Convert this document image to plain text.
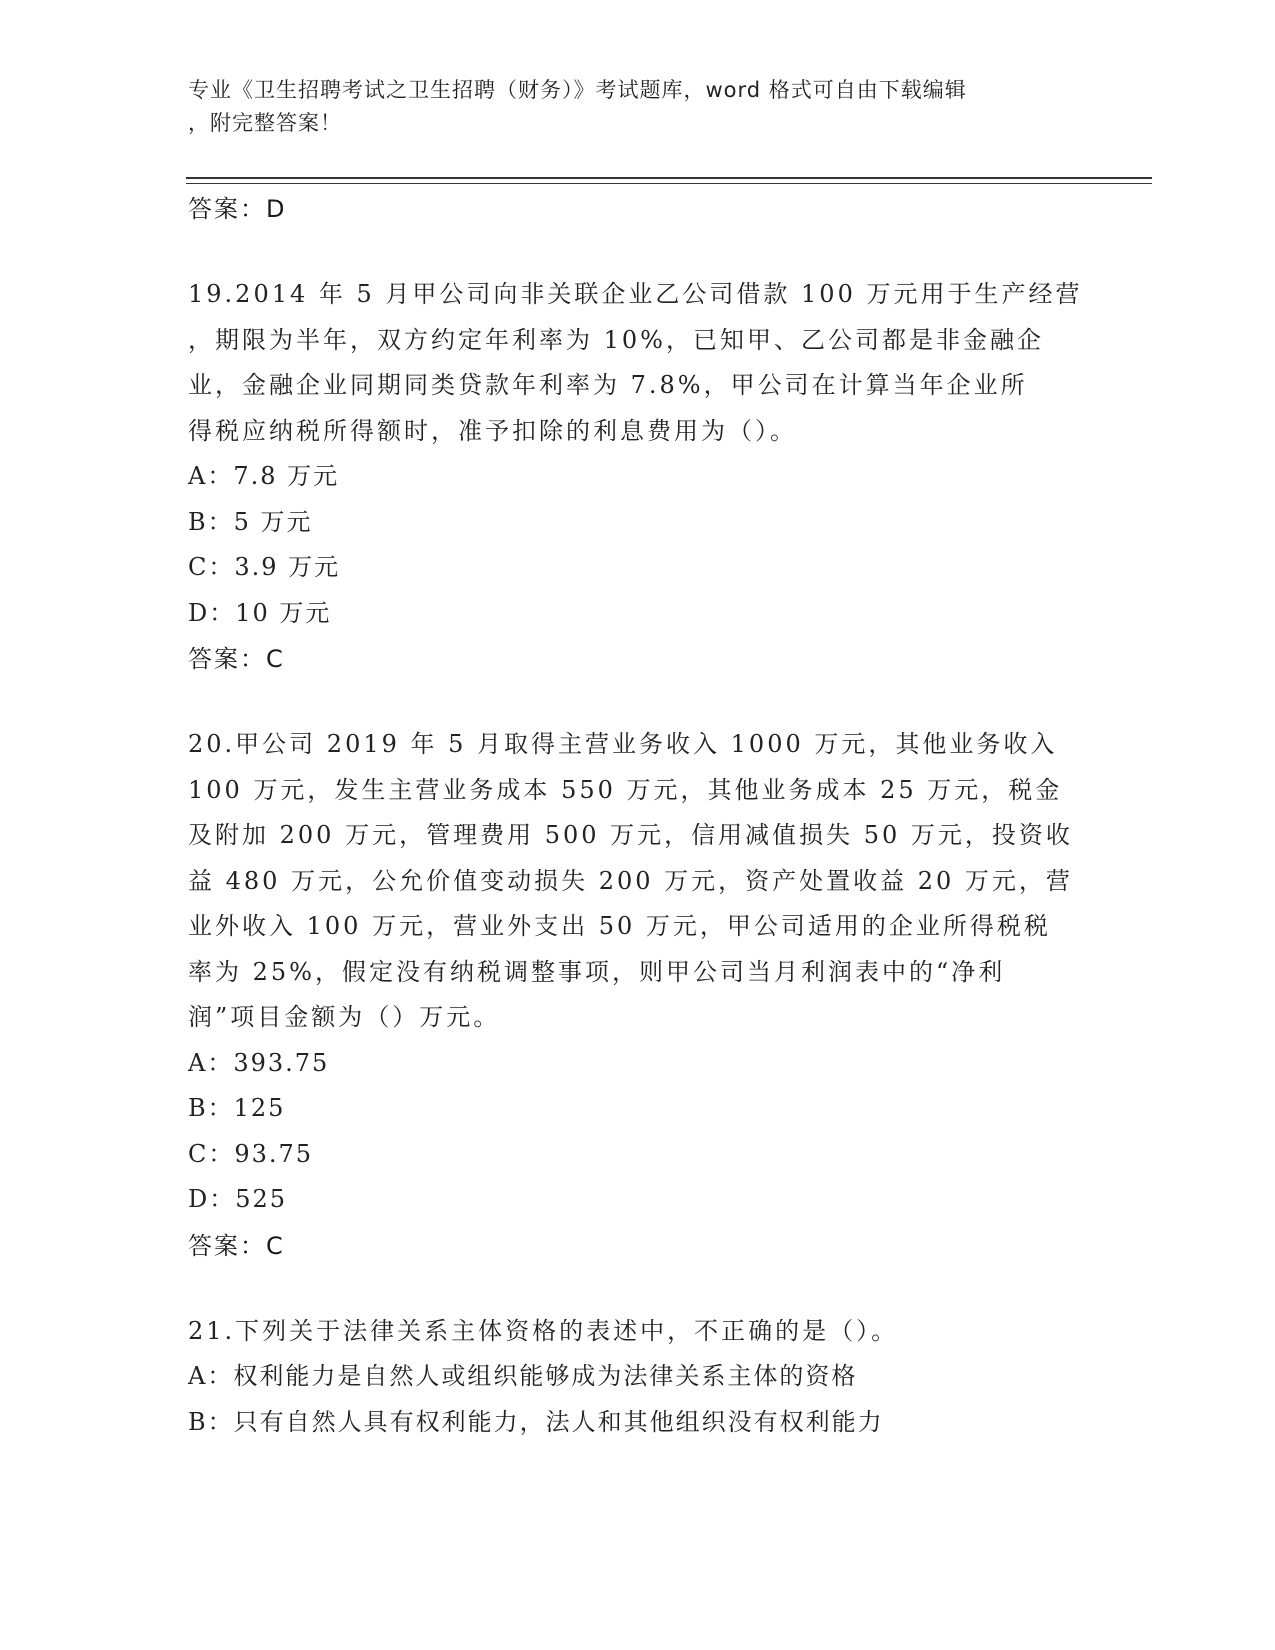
专业《卫生招聘考试之卫生招聘（财务）》考试题库，word 格式可自由下载编辑
，附完整答案！
答案：D
19.2014 年 5 月甲公司向非关联企业乙公司借款 100 万元用于生产经营
，期限为半年，双方约定年利率为 10%，已知甲、乙公司都是非金融企
业，金融企业同期同类贷款年利率为 7.8%，甲公司在计算当年企业所
得税应纳税所得额时，准予扣除的利息费用为（）。
A：7.8 万元
B：5 万元
C：3.9 万元
D：10 万元
答案：C
20.甲公司 2019 年 5 月取得主营业务收入 1000 万元，其他业务收入
100 万元，发生主营业务成本 550 万元，其他业务成本 25 万元，税金
及附加 200 万元，管理费用 500 万元，信用减值损失 50 万元，投资收
益 480 万元，公允价值变动损失 200 万元，资产处置收益 20 万元，营
业外收入 100 万元，营业外支出 50 万元，甲公司适用的企业所得税税
率为 25%，假定没有纳税调整事项，则甲公司当月利润表中的“净利
润”项目金额为（）万元。
A：393.75
B：125
C：93.75
D：525
答案：C
21.下列关于法律关系主体资格的表述中，不正确的是（）。
A：权利能力是自然人或组织能够成为法律关系主体的资格
B：只有自然人具有权利能力，法人和其他组织没有权利能力
